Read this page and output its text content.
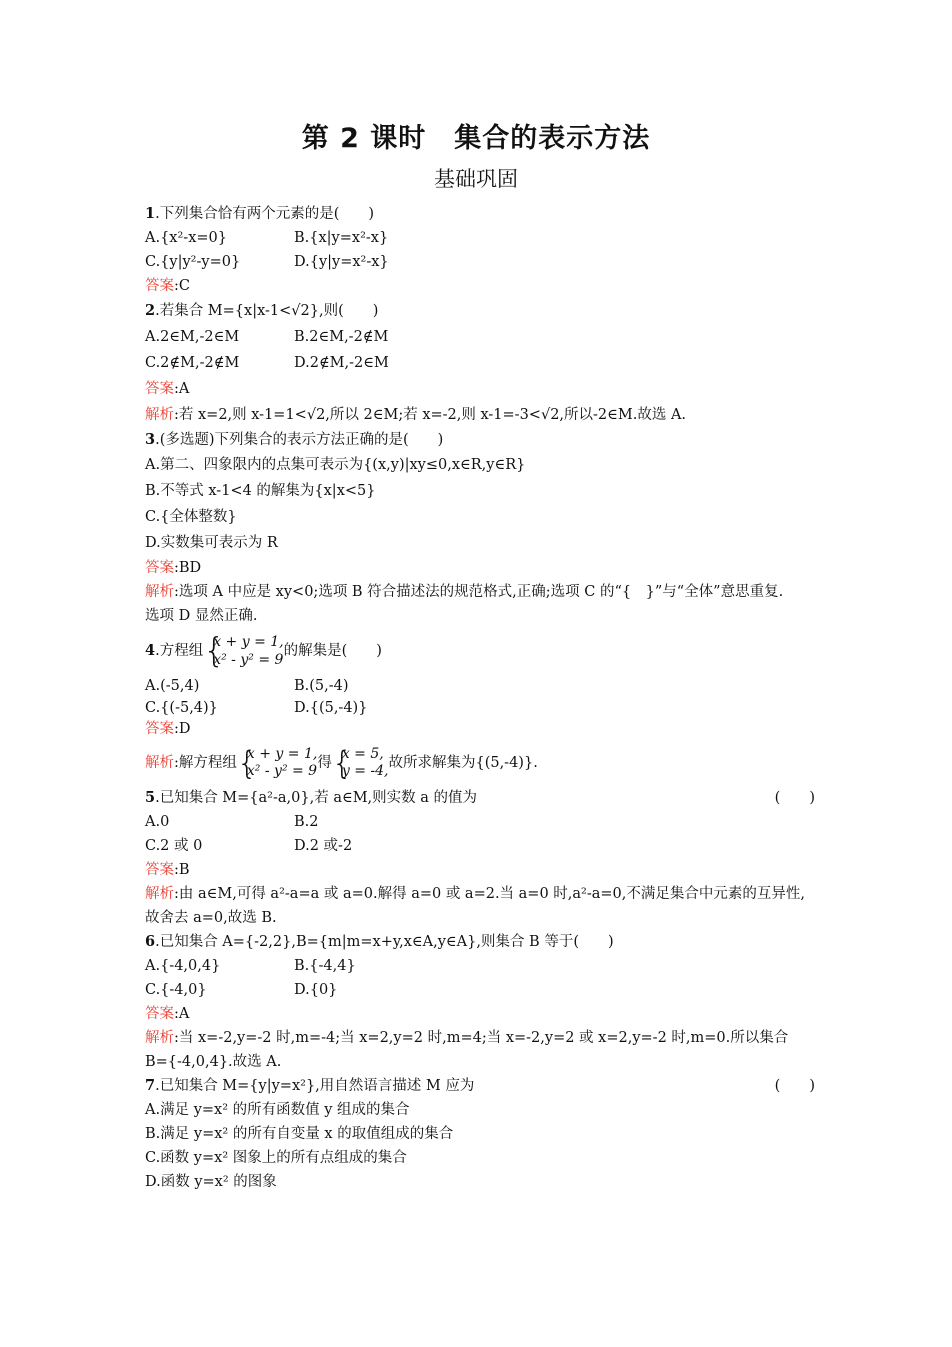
第 2 课时　集合的表示方法
基础巩固
1.下列集合恰有两个元素的是(　　)
A.{x²-x=0}	B.{x|y=x²-x}
C.{y|y²-y=0}	D.{y|y=x²-x}
答案:C
2.若集合 M={x|x-1<√2},则(　　)
A.2∈M,-2∈M	B.2∈M,-2∉M
C.2∉M,-2∉M	D.2∉M,-2∈M
答案:A
解析:若 x=2,则 x-1=1<√2,所以 2∈M;若 x=-2,则 x-1=-3<√2,所以-2∈M.故选 A.
3.(多选题)下列集合的表示方法正确的是(　　)
A.第二、四象限内的点集可表示为{(x,y)|xy≤0,x∈R,y∈R}
B.不等式 x-1<4 的解集为{x|x<5}
C.{全体整数}
D.实数集可表示为 R
答案:BD
解析:选项 A 中应是 xy<0;选项 B 符合描述法的规范格式,正确;选项 C 的“{　}”与“全体”意思重复.
选项 D 显然正确.
4.方程组 {
x + y = 1,
x² - y² = 9
的解集是(　　)
A.(-5,4)	B.(5,-4)
C.{(-5,4)}	D.{(5,-4)}
答案:D
解析:解方程组 {
x + y = 1,
x² - y² = 9 得 {
x = 5,
y = -4, 故所求解集为{(5,-4)}.
5.已知集合 M={a²-a,0},若 a∈M,则实数 a 的值为	(　　)
A.0	B.2
C.2 或 0	D.2 或-2
答案:B
解析:由 a∈M,可得 a²-a=a 或 a=0.解得 a=0 或 a=2.当 a=0 时,a²-a=0,不满足集合中元素的互异性,故舍去 a=0,故选 B.
6.已知集合 A={-2,2},B={m|m=x+y,x∈A,y∈A},则集合 B 等于(　　)
A.{-4,0,4}	B.{-4,4}
C.{-4,0}	D.{0}
答案:A
解析:当 x=-2,y=-2 时,m=-4;当 x=2,y=2 时,m=4;当 x=-2,y=2 或 x=2,y=-2 时,m=0.所以集合 B={-4,0,4}.故选 A.
7.已知集合 M={y|y=x²},用自然语言描述 M 应为	(　　)
A.满足 y=x² 的所有函数值 y 组成的集合
B.满足 y=x² 的所有自变量 x 的取值组成的集合
C.函数 y=x² 图象上的所有点组成的集合
D.函数 y=x² 的图象
